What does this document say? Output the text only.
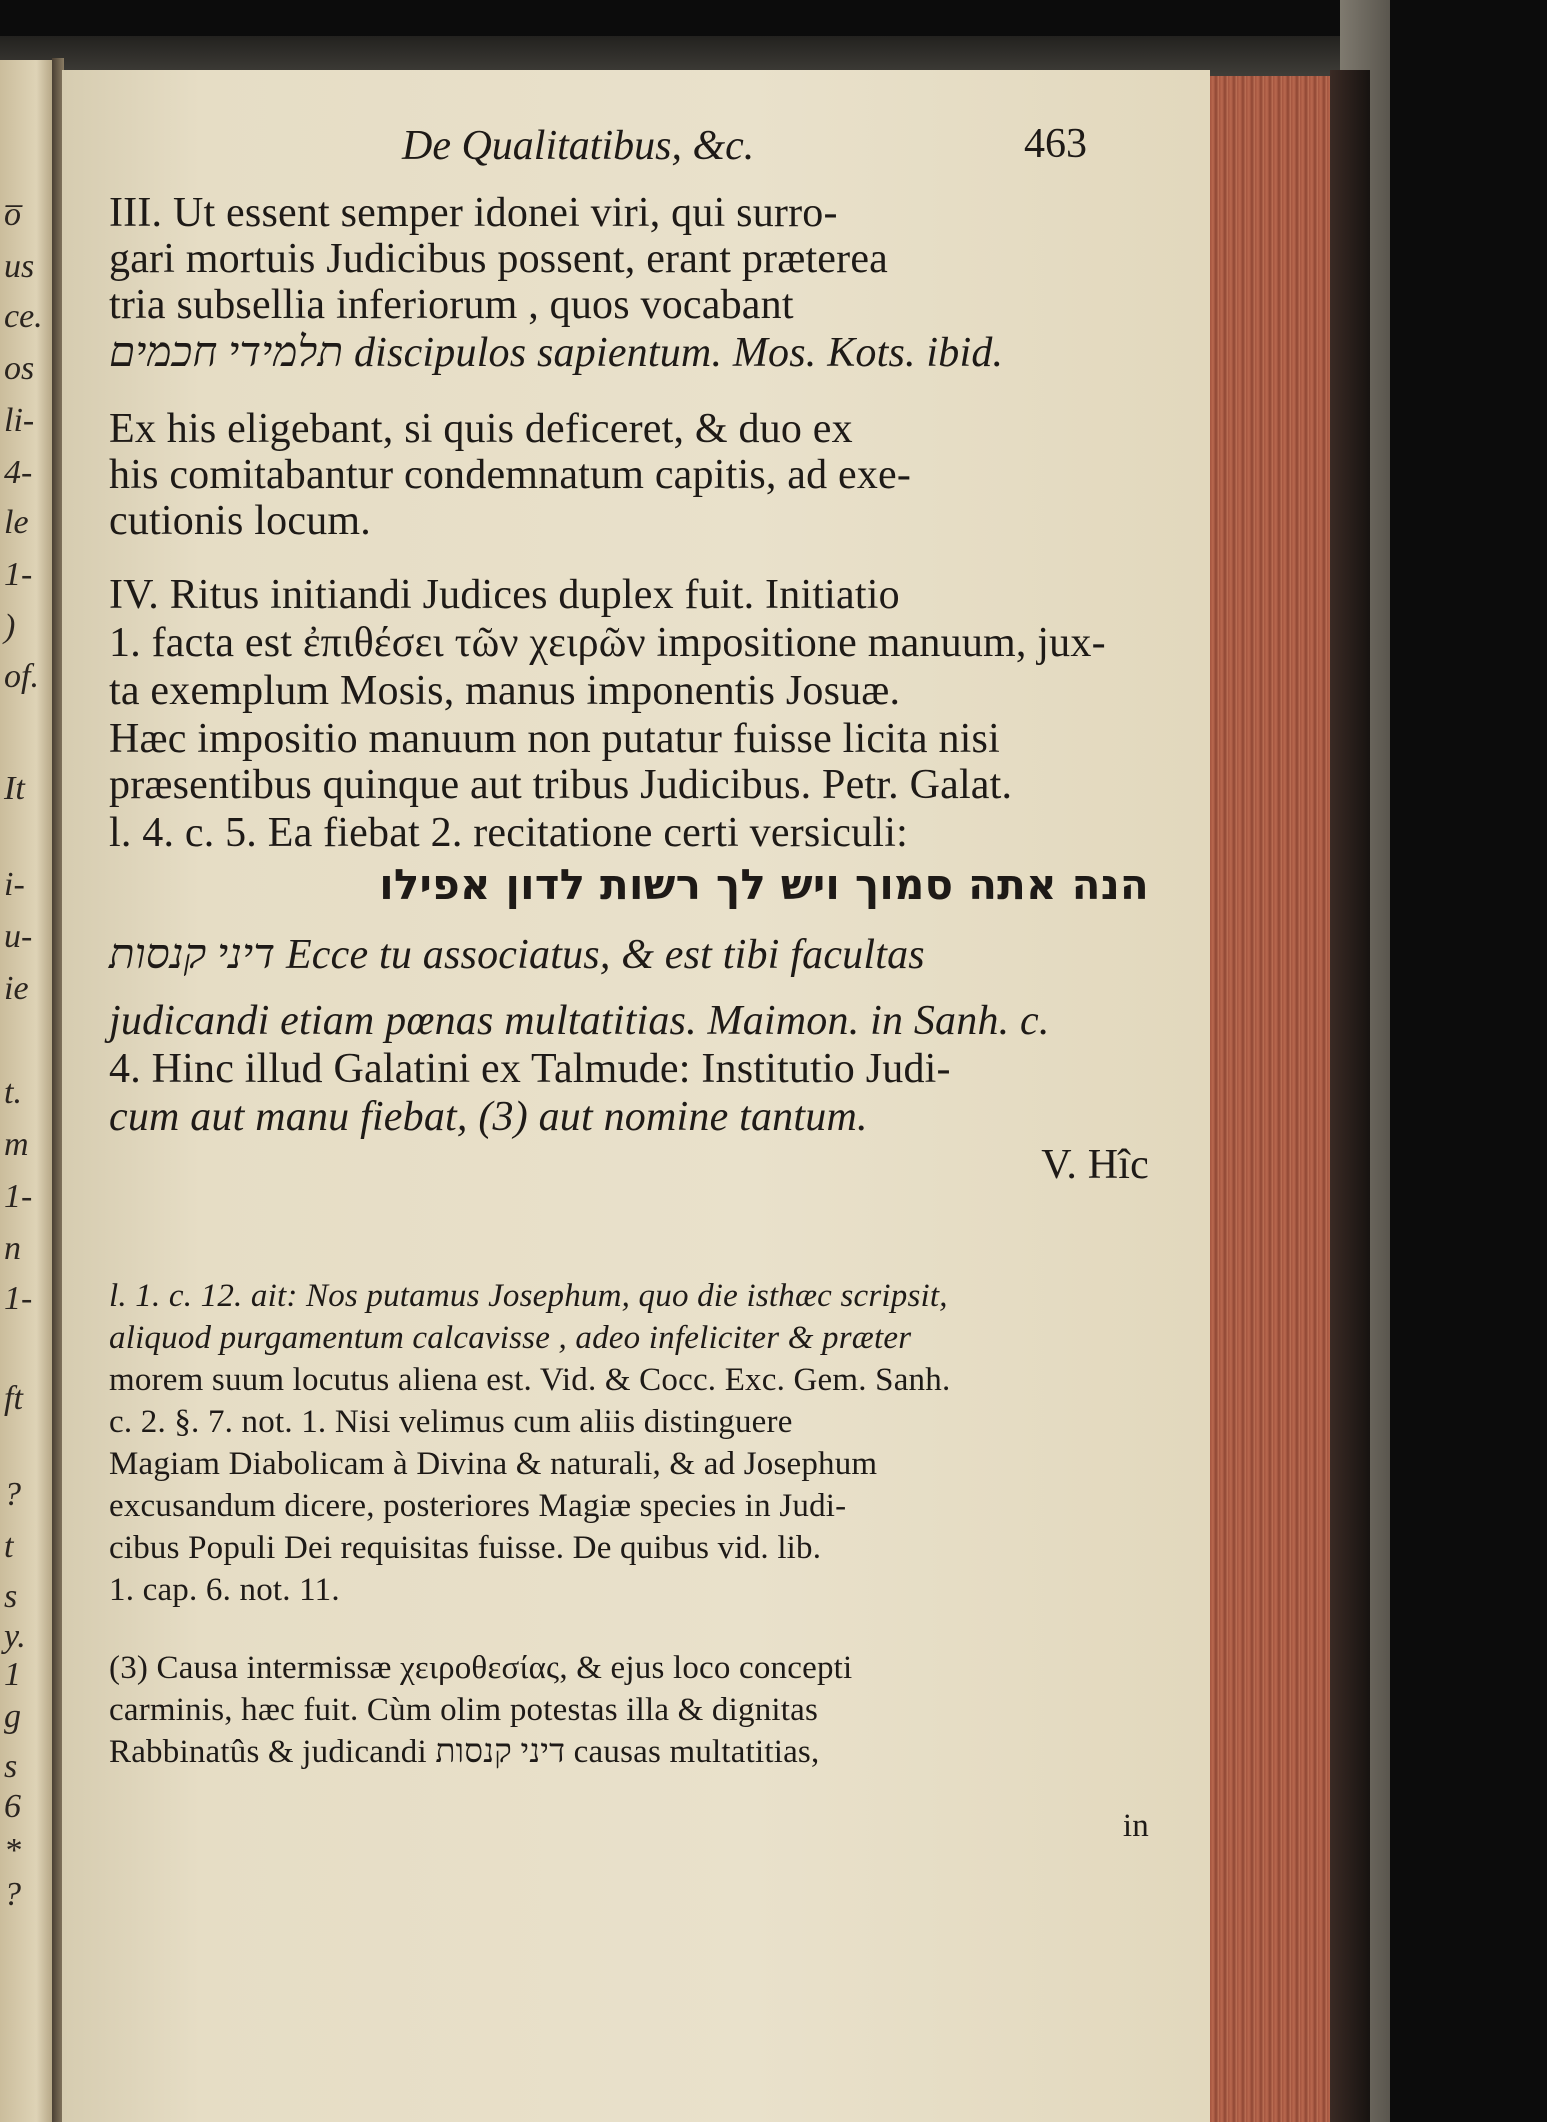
o̅
us
ce.
os
li-
4-
le
1-
)
of.
It
i-
u-
ie
t.
m
1-
n
1-
ft
?
t
s
y.
1
g
s
6
*
?
De Qualitatibus, &c.	463
III. Ut essent semper idonei viri, qui surro-
gari mortuis Judicibus possent, erant præterea
tria subsellia inferiorum , quos vocabant
תלמידי חכמים discipulos sapientum. Mos. Kots. ibid.
Ex his eligebant, si quis deficeret, & duo ex
his comitabantur condemnatum capitis, ad exe-
cutionis locum.
IV. Ritus initiandi Judices duplex fuit. Initiatio
1. facta est ἐπιθέσει τῶν χειρῶν impositione manuum, jux-
ta exemplum Mosis, manus imponentis Josuæ.
Hæc impositio manuum non putatur fuisse licita nisi
præsentibus quinque aut tribus Judicibus. Petr. Galat.
l. 4. c. 5. Ea fiebat 2. recitatione certi versiculi:
הנה אתה סמוך ויש לך רשות לדון אפילו
דיני קנסות Ecce tu associatus, & est tibi facultas
judicandi etiam pœnas multatitias. Maimon. in Sanh. c.
4. Hinc illud Galatini ex Talmude: Institutio Judi-
cum aut manu fiebat, (3) aut nomine tantum.
V. Hîc
l. 1. c. 12. ait: Nos putamus Josephum, quo die isthæc scripsit,
aliquod purgamentum calcavisse , adeo infeliciter & præter
morem suum locutus aliena est. Vid. & Cocc. Exc. Gem. Sanh.
c. 2. §. 7. not. 1. Nisi velimus cum aliis distinguere
Magiam Diabolicam à Divina & naturali, & ad Josephum
excusandum dicere, posteriores Magiæ species in Judi-
cibus Populi Dei requisitas fuisse. De quibus vid. lib.
1. cap. 6. not. 11.
(3) Causa intermissæ χειροθεσίας, & ejus loco concepti
carminis, hæc fuit. Cùm olim potestas illa & dignitas
Rabbinatûs & judicandi דיני קנסות causas multatitias,
in
